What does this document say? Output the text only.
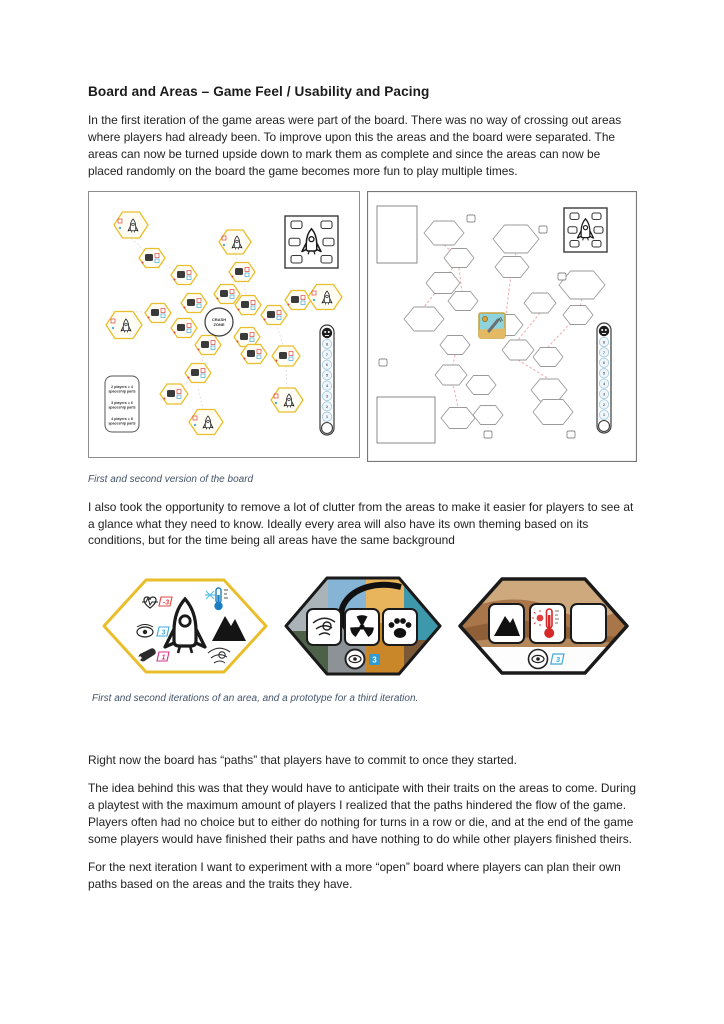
Board and Areas – Game Feel / Usability and Pacing

In the first iteration of the game areas were part of the board. There was no way of crossing out areas where players had already been. To improve upon this the areas and the board were separated. The areas can now be turned upside down to mark them as complete and since the areas can now be placed randomly on the board the game becomes more fun to play multiple times.

CRASH
ZONE
8
7
6
5
4
3
2
1
2 players = 4
spaceship parts
3 players = 6
spaceship parts
4 players = 8
spaceship parts
8
7
6
5
4
3
2
1
First and second version of the board

I also took the opportunity to remove a lot of clutter from the areas to make it easier for players to see at a glance what they need to know. Ideally every area will also have its own theming based on its conditions, but for the time being all areas have the same background

-3
3
1	3	3
First and second iterations of an area, and a prototype for a third iteration.

Right now the board has “paths” that players have to commit to once they started.

The idea behind this was that they would have to anticipate with their traits on the areas to come. During a playtest with the maximum amount of players I realized that the paths hindered the flow of the game. Players often had no choice but to either do nothing for turns in a row or die, and at the end of the game some players would have finished their paths and have nothing to do while other players finished theirs.

For the next iteration I want to experiment with a more “open” board where players can plan their own paths based on the areas and the traits they have.
